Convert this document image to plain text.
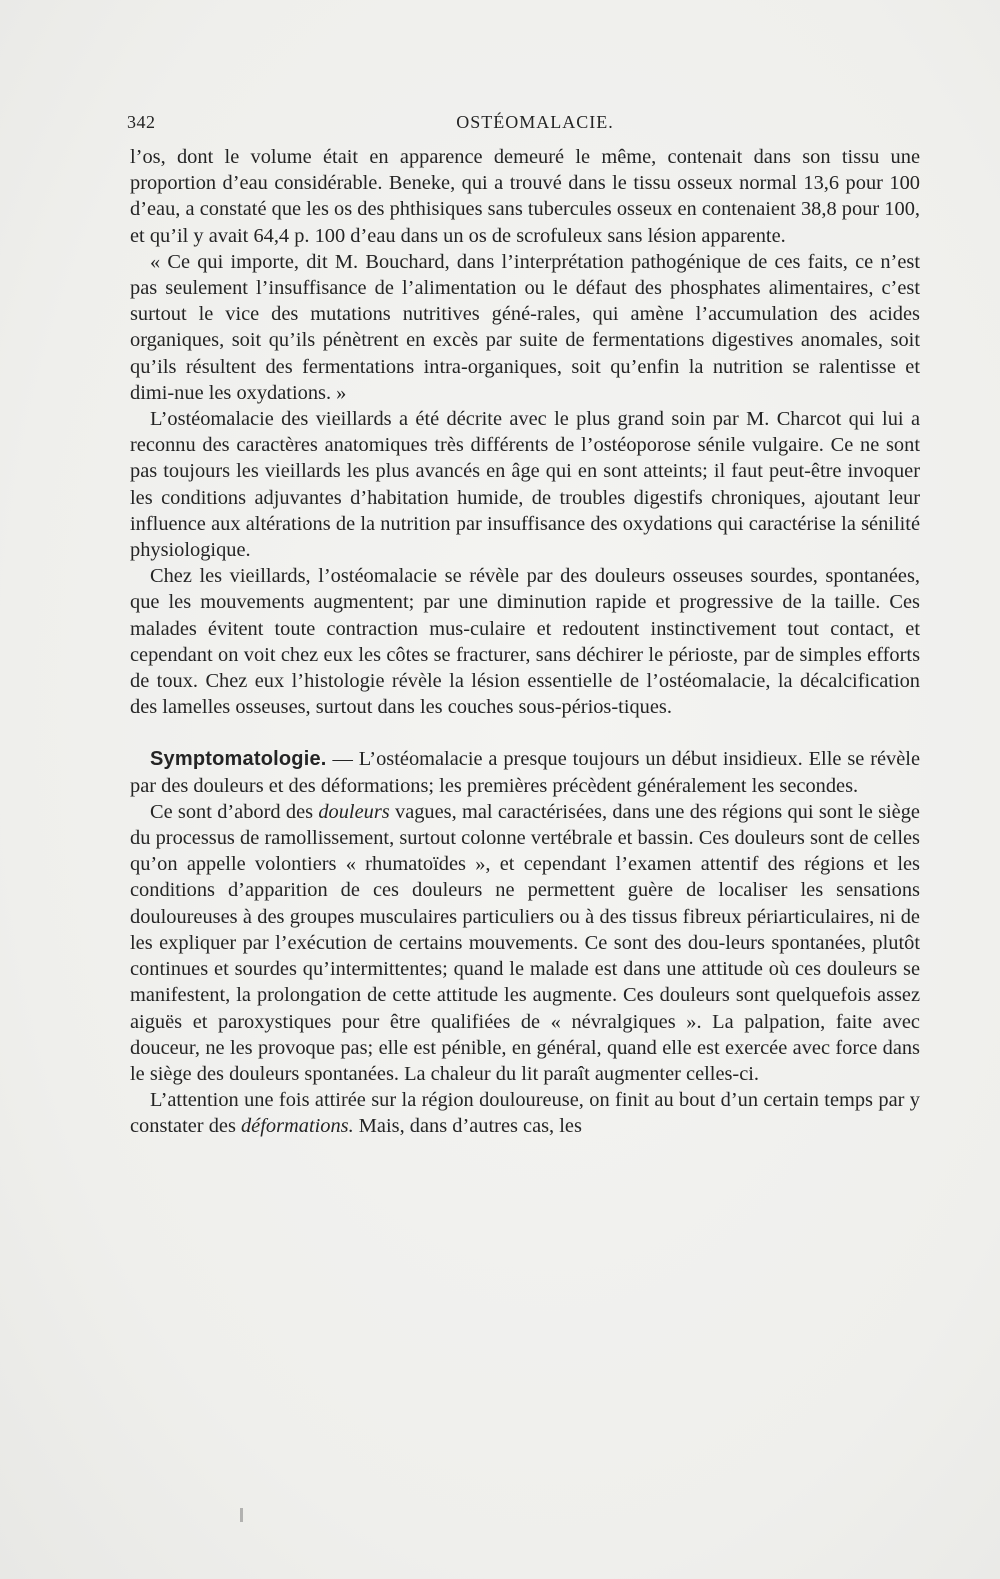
342	OSTÉOMALACIE.

l’os, dont le volume était en apparence demeuré le même, contenait dans son tissu une proportion d’eau considérable. Beneke, qui a trouvé dans le tissu osseux normal 13,6 pour 100 d’eau, a constaté que les os des phthisiques sans tubercules osseux en contenaient 38,8 pour 100, et qu’il y avait 64,4 p. 100 d’eau dans un os de scrofuleux sans lésion apparente.

« Ce qui importe, dit M. Bouchard, dans l’interprétation pathogénique de ces faits, ce n’est pas seulement l’insuffisance de l’alimentation ou le défaut des phosphates alimentaires, c’est surtout le vice des mutations nutritives géné-rales, qui amène l’accumulation des acides organiques, soit qu’ils pénètrent en excès par suite de fermentations digestives anomales, soit qu’ils résultent des fermentations intra-organiques, soit qu’enfin la nutrition se ralentisse et dimi-nue les oxydations. »

L’ostéomalacie des vieillards a été décrite avec le plus grand soin par M. Charcot qui lui a reconnu des caractères anatomiques très différents de l’ostéoporose sénile vulgaire. Ce ne sont pas toujours les vieillards les plus avancés en âge qui en sont atteints; il faut peut-être invoquer les conditions adjuvantes d’habitation humide, de troubles digestifs chroniques, ajoutant leur influence aux altérations de la nutrition par insuffisance des oxydations qui caractérise la sénilité physiologique.

Chez les vieillards, l’ostéomalacie se révèle par des douleurs osseuses sourdes, spontanées, que les mouvements augmentent; par une diminution rapide et progressive de la taille. Ces malades évitent toute contraction mus-culaire et redoutent instinctivement tout contact, et cependant on voit chez eux les côtes se fracturer, sans déchirer le périoste, par de simples efforts de toux. Chez eux l’histologie révèle la lésion essentielle de l’ostéomalacie, la décalcification des lamelles osseuses, surtout dans les couches sous-périos-tiques.

Symptomatologie. — L’ostéomalacie a presque toujours un début insidieux. Elle se révèle par des douleurs et des déformations; les premières précèdent généralement les secondes.

Ce sont d’abord des douleurs vagues, mal caractérisées, dans une des régions qui sont le siège du processus de ramollissement, surtout colonne vertébrale et bassin. Ces douleurs sont de celles qu’on appelle volontiers « rhumatoïdes », et cependant l’examen attentif des régions et les conditions d’apparition de ces douleurs ne permettent guère de localiser les sensations douloureuses à des groupes musculaires particuliers ou à des tissus fibreux périarticulaires, ni de les expliquer par l’exécution de certains mouvements. Ce sont des dou-leurs spontanées, plutôt continues et sourdes qu’intermittentes; quand le malade est dans une attitude où ces douleurs se manifestent, la prolongation de cette attitude les augmente. Ces douleurs sont quelquefois assez aiguës et paroxystiques pour être qualifiées de « névralgiques ». La palpation, faite avec douceur, ne les provoque pas; elle est pénible, en général, quand elle est exercée avec force dans le siège des douleurs spontanées. La chaleur du lit paraît augmenter celles-ci.

L’attention une fois attirée sur la région douloureuse, on finit au bout d’un certain temps par y constater des déformations. Mais, dans d’autres cas, les
